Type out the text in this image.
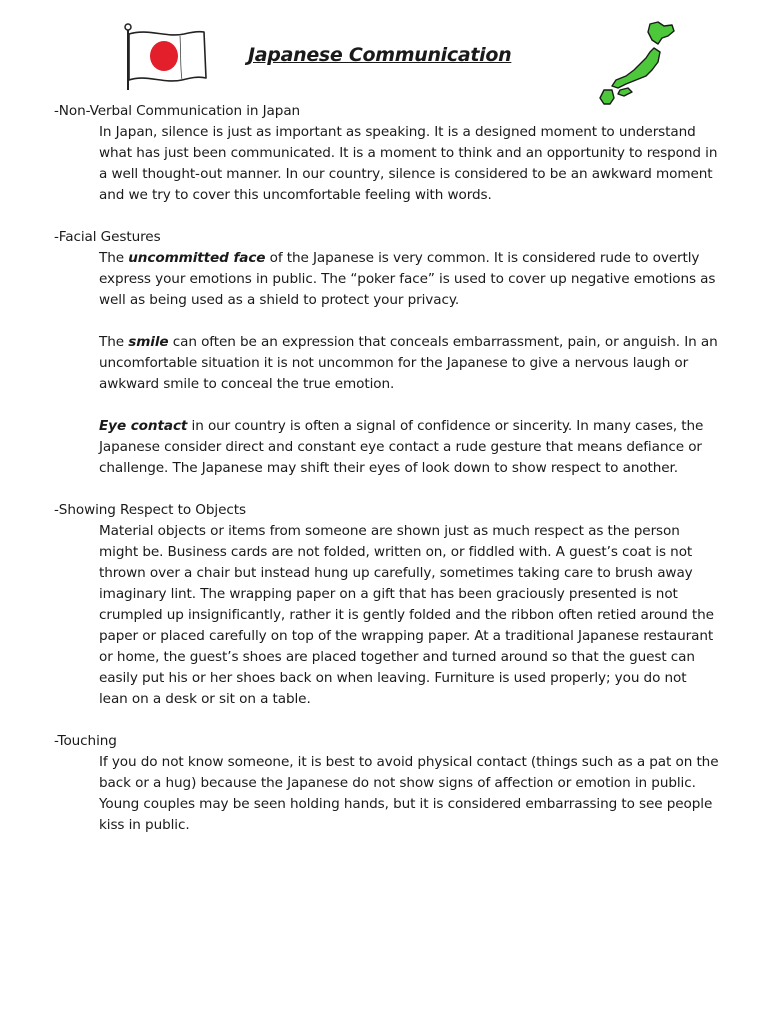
Japanese Communication
-Non-Verbal Communication in Japan

In Japan, silence is just as important as speaking. It is a designed moment to understand what has just been communicated. It is a moment to think and an opportunity to respond in a well thought-out manner. In our country, silence is considered to be an awkward moment and we try to cover this uncomfortable feeling with words.

-Facial Gestures

The uncommitted face of the Japanese is very common. It is considered rude to overtly express your emotions in public. The “poker face” is used to cover up negative emotions as well as being used as a shield to protect your privacy.

The smile can often be an expression that conceals embarrassment, pain, or anguish. In an uncomfortable situation it is not uncommon for the Japanese to give a nervous laugh or awkward smile to conceal the true emotion.

Eye contact in our country is often a signal of confidence or sincerity. In many cases, the Japanese consider direct and constant eye contact a rude gesture that means defiance or challenge. The Japanese may shift their eyes of look down to show respect to another.

-Showing Respect to Objects

Material objects or items from someone are shown just as much respect as the person might be. Business cards are not folded, written on, or fiddled with. A guest’s coat is not thrown over a chair but instead hung up carefully, sometimes taking care to brush away imaginary lint. The wrapping paper on a gift that has been graciously presented is not crumpled up insignificantly, rather it is gently folded and the ribbon often retied around the paper or placed carefully on top of the wrapping paper. At a traditional Japanese restaurant or home, the guest’s shoes are placed together and turned around so that the guest can easily put his or her shoes back on when leaving. Furniture is used properly; you do not lean on a desk or sit on a table.

-Touching

If you do not know someone, it is best to avoid physical contact (things such as a pat on the back or a hug) because the Japanese do not show signs of affection or emotion in public. Young couples may be seen holding hands, but it is considered embarrassing to see people kiss in public.
